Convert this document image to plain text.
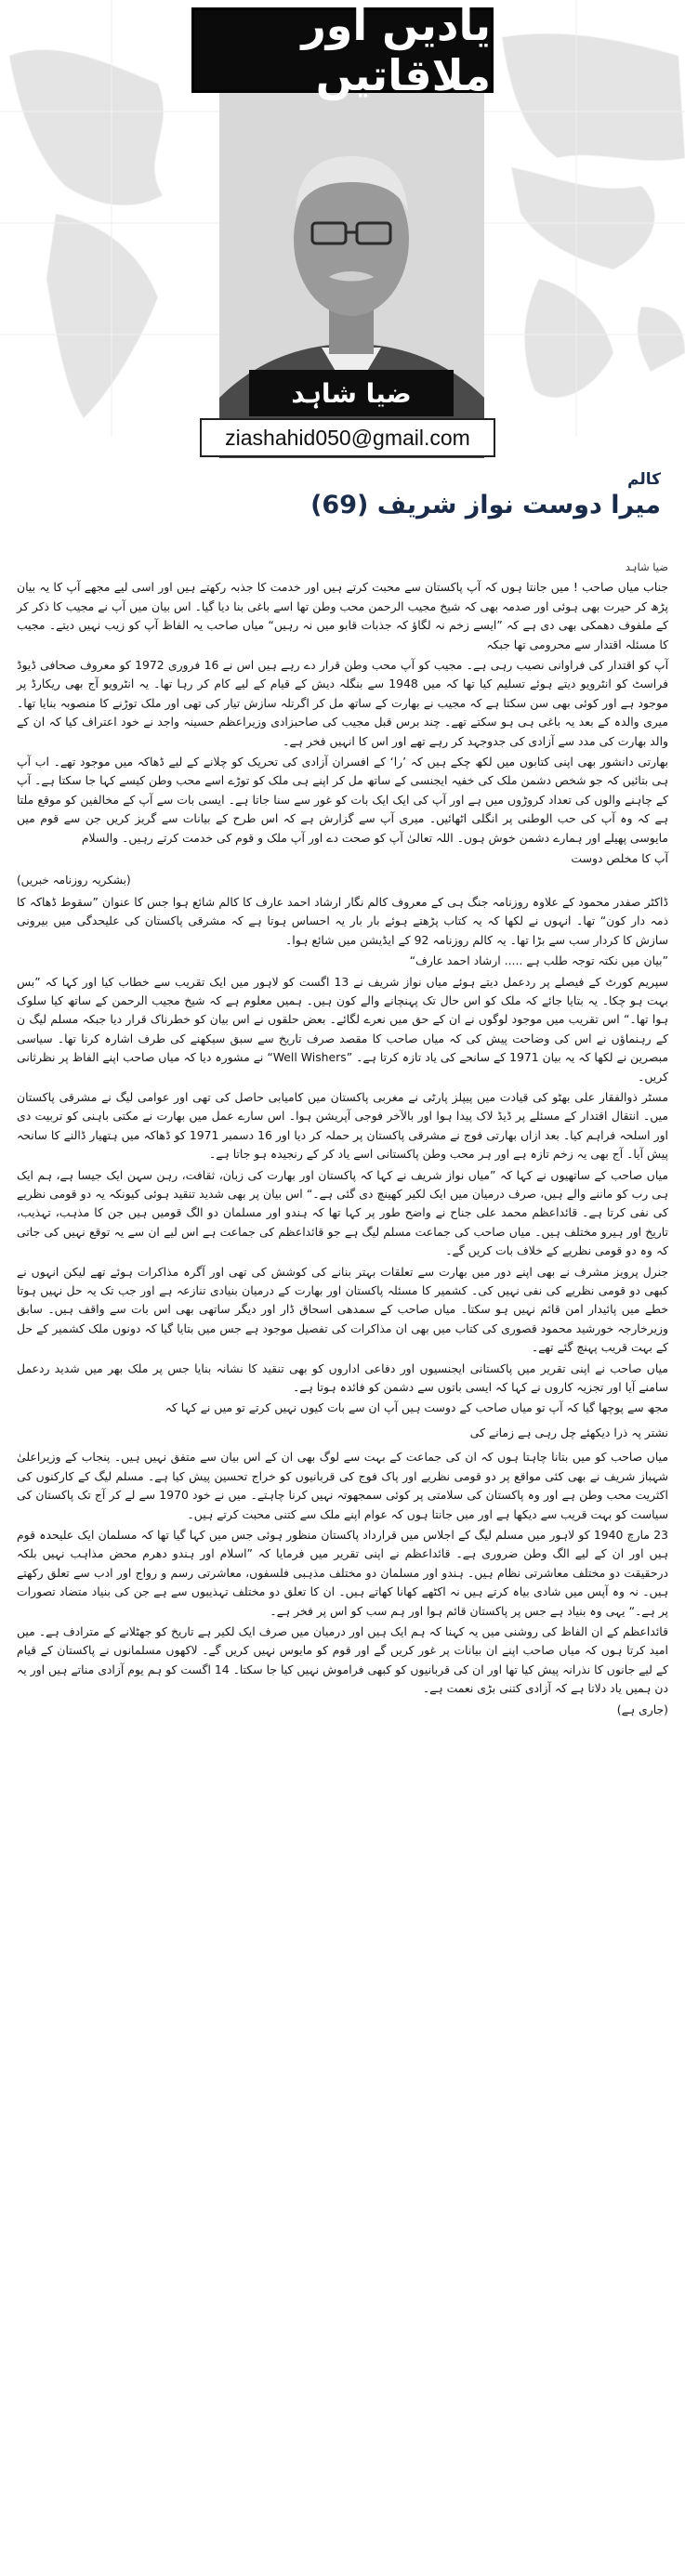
یادیں اور ملاقاتیں
ضیا شاہد
ziashahid050@gmail.com
کالم
میرا دوست نواز شریف (69)

ضیا شاہد

جناب میاں صاحب ! میں جانتا ہوں کہ آپ پاکستان سے محبت کرتے ہیں اور خدمت کا جذبہ رکھتے ہیں اور اسی لیے مجھے آپ کا یہ بیان پڑھ کر حیرت بھی ہوئی اور صدمہ بھی کہ شیخ مجیب الرحمن محب وطن تھا اسے باغی بنا دیا گیا۔ اس بیان میں آپ نے مجیب کا ذکر کر کے ملفوف دھمکی بھی دی ہے کہ ”ایسے زخم نہ لگاؤ کہ جذبات قابو میں نہ رہیں“ میاں صاحب یہ الفاظ آپ کو زیب نہیں دیتے۔ مجیب کا مسئلہ اقتدار سے محرومی تھا جبکہ

آپ کو اقتدار کی فراوانی نصیب رہی ہے۔ مجیب کو آپ محب وطن قرار دے رہے ہیں اس نے 16 فروری 1972 کو معروف صحافی ڈیوڈ فراسٹ کو انٹرویو دیتے ہوئے تسلیم کیا تھا کہ میں 1948 سے بنگلہ دیش کے قیام کے لیے کام کر رہا تھا۔ یہ انٹرویو آج بھی ریکارڈ پر موجود ہے اور کوئی بھی سن سکتا ہے کہ مجیب نے بھارت کے ساتھ مل کر اگرتلہ سازش تیار کی تھی اور ملک توڑنے کا منصوبہ بنایا تھا۔ میری والدہ کے بعد یہ باغی ہی ہو سکتے تھے۔ چند برس قبل مجیب کی صاحبزادی وزیراعظم حسینہ واجد نے خود اعتراف کیا کہ ان کے والد بھارت کی مدد سے آزادی کی جدوجہد کر رہے تھے اور اس کا انہیں فخر ہے۔

بھارتی دانشور بھی اپنی کتابوں میں لکھ چکے ہیں کہ ’را‘ کے افسران آزادی کی تحریک کو چلانے کے لیے ڈھاکہ میں موجود تھے۔ اب آپ ہی بتائیں کہ جو شخص دشمن ملک کی خفیہ ایجنسی کے ساتھ مل کر اپنے ہی ملک کو توڑے اسے محب وطن کیسے کہا جا سکتا ہے۔ آپ کے چاہنے والوں کی تعداد کروڑوں میں ہے اور آپ کی ایک ایک بات کو غور سے سنا جاتا ہے۔ ایسی بات سے آپ کے مخالفین کو موقع ملتا ہے کہ وہ آپ کی حب الوطنی پر انگلی اٹھائیں۔ میری آپ سے گزارش ہے کہ اس طرح کے بیانات سے گریز کریں جن سے قوم میں مایوسی پھیلے اور ہمارے دشمن خوش ہوں۔ اللہ تعالیٰ آپ کو صحت دے اور آپ ملک و قوم کی خدمت کرتے رہیں۔ والسلام

آپ کا مخلص دوست

(بشکریہ روزنامہ خبریں)

ڈاکٹر صفدر محمود کے علاوہ روزنامہ جنگ ہی کے معروف کالم نگار ارشاد احمد عارف کا کالم شائع ہوا جس کا عنوان ”سقوط ڈھاکہ کا ذمہ دار کون“ تھا۔ انہوں نے لکھا کہ یہ کتاب پڑھتے ہوئے بار بار یہ احساس ہوتا ہے کہ مشرقی پاکستان کی علیحدگی میں بیرونی سازش کا کردار سب سے بڑا تھا۔ یہ کالم روزنامہ 92 کے ایڈیشن میں شائع ہوا۔

”بیان میں نکتہ توجہ طلب ہے ..... ارشاد احمد عارف“

سپریم کورٹ کے فیصلے پر ردعمل دیتے ہوئے میاں نواز شریف نے 13 اگست کو لاہور میں ایک تقریب سے خطاب کیا اور کہا کہ ”بس بہت ہو چکا۔ یہ بتایا جائے کہ ملک کو اس حال تک پہنچانے والے کون ہیں۔ ہمیں معلوم ہے کہ شیخ مجیب الرحمن کے ساتھ کیا سلوک ہوا تھا۔“ اس تقریب میں موجود لوگوں نے ان کے حق میں نعرے لگائے۔ بعض حلقوں نے اس بیان کو خطرناک قرار دیا جبکہ مسلم لیگ ن کے رہنماؤں نے اس کی وضاحت پیش کی کہ میاں صاحب کا مقصد صرف تاریخ سے سبق سیکھنے کی طرف اشارہ کرنا تھا۔ سیاسی مبصرین نے لکھا کہ یہ بیان 1971 کے سانحے کی یاد تازہ کرتا ہے۔ ”Well Wishers“ نے مشورہ دیا کہ میاں صاحب اپنے الفاظ پر نظرثانی کریں۔

مسٹر ذوالفقار علی بھٹو کی قیادت میں پیپلز پارٹی نے مغربی پاکستان میں کامیابی حاصل کی تھی اور عوامی لیگ نے مشرقی پاکستان میں۔ انتقال اقتدار کے مسئلے پر ڈیڈ لاک پیدا ہوا اور بالآخر فوجی آپریشن ہوا۔ اس سارے عمل میں بھارت نے مکتی باہنی کو تربیت دی اور اسلحہ فراہم کیا۔ بعد ازاں بھارتی فوج نے مشرقی پاکستان پر حملہ کر دیا اور 16 دسمبر 1971 کو ڈھاکہ میں ہتھیار ڈالنے کا سانحہ پیش آیا۔ آج بھی یہ زخم تازہ ہے اور ہر محب وطن پاکستانی اسے یاد کر کے رنجیدہ ہو جاتا ہے۔

میاں صاحب کے ساتھیوں نے کہا کہ ”میاں نواز شریف نے کہا کہ پاکستان اور بھارت کی زبان، ثقافت، رہن سہن ایک جیسا ہے، ہم ایک ہی رب کو ماننے والے ہیں، صرف درمیان میں ایک لکیر کھینچ دی گئی ہے۔“ اس بیان پر بھی شدید تنقید ہوئی کیونکہ یہ دو قومی نظریے کی نفی کرتا ہے۔ قائداعظم محمد علی جناح نے واضح طور پر کہا تھا کہ ہندو اور مسلمان دو الگ قومیں ہیں جن کا مذہب، تہذیب، تاریخ اور ہیرو مختلف ہیں۔ میاں صاحب کی جماعت مسلم لیگ ہے جو قائداعظم کی جماعت ہے اس لیے ان سے یہ توقع نہیں کی جاتی کہ وہ دو قومی نظریے کے خلاف بات کریں گے۔

جنرل پرویز مشرف نے بھی اپنے دور میں بھارت سے تعلقات بہتر بنانے کی کوشش کی تھی اور آگرہ مذاکرات ہوئے تھے لیکن انہوں نے کبھی دو قومی نظریے کی نفی نہیں کی۔ کشمیر کا مسئلہ پاکستان اور بھارت کے درمیان بنیادی تنازعہ ہے اور جب تک یہ حل نہیں ہوتا خطے میں پائیدار امن قائم نہیں ہو سکتا۔ میاں صاحب کے سمدھی اسحاق ڈار اور دیگر ساتھی بھی اس بات سے واقف ہیں۔ سابق وزیرخارجہ خورشید محمود قصوری کی کتاب میں بھی ان مذاکرات کی تفصیل موجود ہے جس میں بتایا گیا کہ دونوں ملک کشمیر کے حل کے بہت قریب پہنچ گئے تھے۔

میاں صاحب نے اپنی تقریر میں پاکستانی ایجنسیوں اور دفاعی اداروں کو بھی تنقید کا نشانہ بنایا جس پر ملک بھر میں شدید ردعمل سامنے آیا اور تجزیہ کاروں نے کہا کہ ایسی باتوں سے دشمن کو فائدہ ہوتا ہے۔

مجھ سے پوچھا گیا کہ آپ تو میاں صاحب کے دوست ہیں آپ ان سے بات کیوں نہیں کرتے تو میں نے کہا کہ

نشتر پہ ذرا دیکھئے چل رہی ہے زمانے کی

میاں صاحب کو میں بتانا چاہتا ہوں کہ ان کی جماعت کے بہت سے لوگ بھی ان کے اس بیان سے متفق نہیں ہیں۔ پنجاب کے وزیراعلیٰ شہباز شریف نے بھی کئی مواقع پر دو قومی نظریے اور پاک فوج کی قربانیوں کو خراج تحسین پیش کیا ہے۔ مسلم لیگ کے کارکنوں کی اکثریت محب وطن ہے اور وہ پاکستان کی سلامتی پر کوئی سمجھوتہ نہیں کرنا چاہتے۔ میں نے خود 1970 سے لے کر آج تک پاکستان کی سیاست کو بہت قریب سے دیکھا ہے اور میں جانتا ہوں کہ عوام اپنے ملک سے کتنی محبت کرتے ہیں۔

23 مارچ 1940 کو لاہور میں مسلم لیگ کے اجلاس میں قرارداد پاکستان منظور ہوئی جس میں کہا گیا تھا کہ مسلمان ایک علیحدہ قوم ہیں اور ان کے لیے الگ وطن ضروری ہے۔ قائداعظم نے اپنی تقریر میں فرمایا کہ ”اسلام اور ہندو دھرم محض مذاہب نہیں بلکہ درحقیقت دو مختلف معاشرتی نظام ہیں۔ ہندو اور مسلمان دو مختلف مذہبی فلسفوں، معاشرتی رسم و رواج اور ادب سے تعلق رکھتے ہیں۔ نہ وہ آپس میں شادی بیاہ کرتے ہیں نہ اکٹھے کھانا کھاتے ہیں۔ ان کا تعلق دو مختلف تہذیبوں سے ہے جن کی بنیاد متضاد تصورات پر ہے۔“ یہی وہ بنیاد ہے جس پر پاکستان قائم ہوا اور ہم سب کو اس پر فخر ہے۔

قائداعظم کے ان الفاظ کی روشنی میں یہ کہنا کہ ہم ایک ہیں اور درمیان میں صرف ایک لکیر ہے تاریخ کو جھٹلانے کے مترادف ہے۔ میں امید کرتا ہوں کہ میاں صاحب اپنے ان بیانات پر غور کریں گے اور قوم کو مایوس نہیں کریں گے۔ لاکھوں مسلمانوں نے پاکستان کے قیام کے لیے جانوں کا نذرانہ پیش کیا تھا اور ان کی قربانیوں کو کبھی فراموش نہیں کیا جا سکتا۔ 14 اگست کو ہم یوم آزادی مناتے ہیں اور یہ دن ہمیں یاد دلاتا ہے کہ آزادی کتنی بڑی نعمت ہے۔

(جاری ہے)
